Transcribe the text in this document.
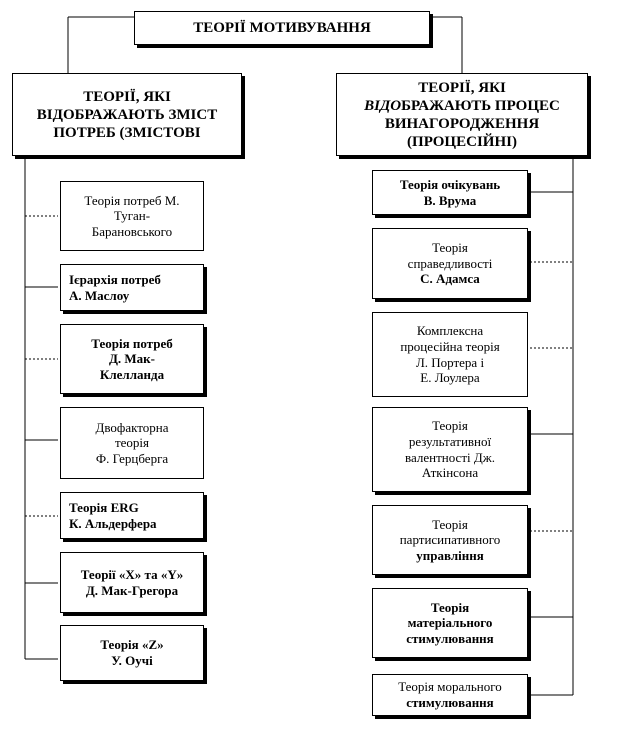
ТЕОРІЇ МОТИВУВАННЯ
ТЕОРІЇ, ЯКІ
ВІДОБРАЖАЮТЬ ЗМІСТ
ПОТРЕБ (ЗМІСТОВІ
ТЕОРІЇ, ЯКІ
ВІДОБРАЖАЮТЬ ПРОЦЕС
ВИНАГОРОДЖЕННЯ
(ПРОЦЕСІЙНІ)
Теорія потреб М.
Туган-
Барановського
Ієрархія потреб
А. Маслоу
Теорія потреб
Д. Мак-
Клелланда
Двофакторна
теорія
Ф. Герцберга
Теорія ERG
К. Альдерфера
Теорії «X» та «Y»
Д. Мак-Грегора
Теорія «Z»
У. Оучі
Теорія очікувань
В. Врума
Теорія
справедливості
С. Адамса
Комплексна
процесійна теорія
Л. Портера і
Е. Лоулера
Теорія
результативної
валентності Дж.
Аткінсона
Теорія
партисипативного
управління
Теорія
матеріального
стимулювання
Теорія морального
стимулювання
